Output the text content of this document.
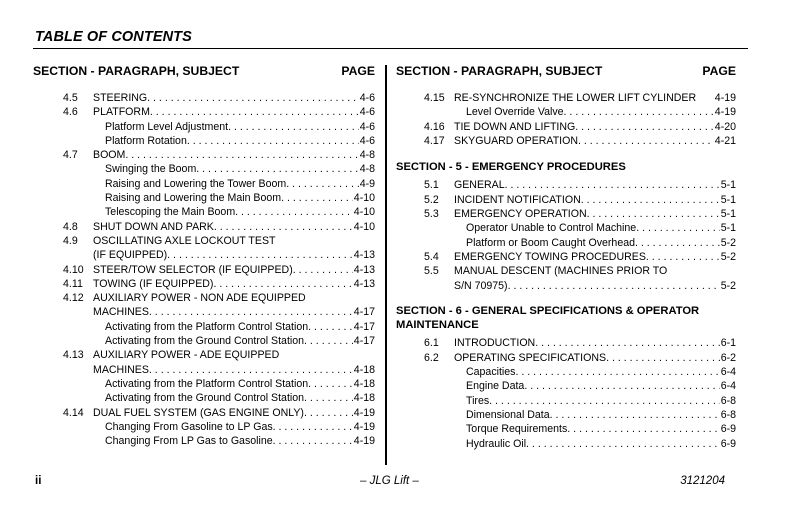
TABLE OF CONTENTS
SECTION - PARAGRAPH, SUBJECT	PAGE
4.5 STEERING . . .	4-6
4.6 PLATFORM . . .	4-6
Platform Level Adjustment . . .	4-6
Platform Rotation . . .	4-6
4.7 BOOM . . .	4-8
Swinging the Boom . . .	4-8
Raising and Lowering the Tower Boom . . .	4-9
Raising and Lowering the Main Boom . . .	4-10
Telescoping the Main Boom . . .	4-10
4.8 SHUT DOWN AND PARK . . .	4-10
4.9 OSCILLATING AXLE LOCKOUT TEST
(IF EQUIPPED) . . .	4-13
4.10 STEER/TOW SELECTOR (IF EQUIPPED) . . .	4-13
4.11 TOWING (IF EQUIPPED) . . .	4-13
4.12 AUXILIARY POWER - NON ADE EQUIPPED
MACHINES . . .	4-17
Activating from the Platform Control Station . . .	4-17
Activating from the Ground Control Station . . .	4-17
4.13 AUXILIARY POWER - ADE EQUIPPED
MACHINES . . .	4-18
Activating from the Platform Control Station . . .	4-18
Activating from the Ground Control Station . . .	4-18
4.14 DUAL FUEL SYSTEM (GAS ENGINE ONLY) . . .	4-19
Changing From Gasoline to LP Gas . . .	4-19
Changing From LP Gas to Gasoline . . .	4-19
SECTION - PARAGRAPH, SUBJECT	PAGE
4.15 RE-SYNCHRONIZE THE LOWER LIFT CYLINDER 4-19
Level Override Valve . . .	4-19
4.16 TIE DOWN AND LIFTING . . .	4-20
4.17 SKYGUARD OPERATION . . .	4-21
SECTION - 5 - EMERGENCY PROCEDURES
5.1 GENERAL . . .	5-1
5.2 INCIDENT NOTIFICATION . . .	5-1
5.3 EMERGENCY OPERATION . . .	5-1
Operator Unable to Control Machine . . .	5-1
Platform or Boom Caught Overhead . . .	5-2
5.4 EMERGENCY TOWING PROCEDURES . . .	5-2
5.5 MANUAL DESCENT (MACHINES PRIOR TO
S/N 70975) . . .	5-2
SECTION - 6 - GENERAL SPECIFICATIONS & OPERATOR
MAINTENANCE
6.1 INTRODUCTION . . .	6-1
6.2 OPERATING SPECIFICATIONS . . .	6-2
Capacities . . .	6-4
Engine Data . . .	6-4
Tires . . .	6-8
Dimensional Data . . .	6-8
Torque Requirements . . .	6-9
Hydraulic Oil . . .	6-9
ii	– JLG Lift –	3121204
